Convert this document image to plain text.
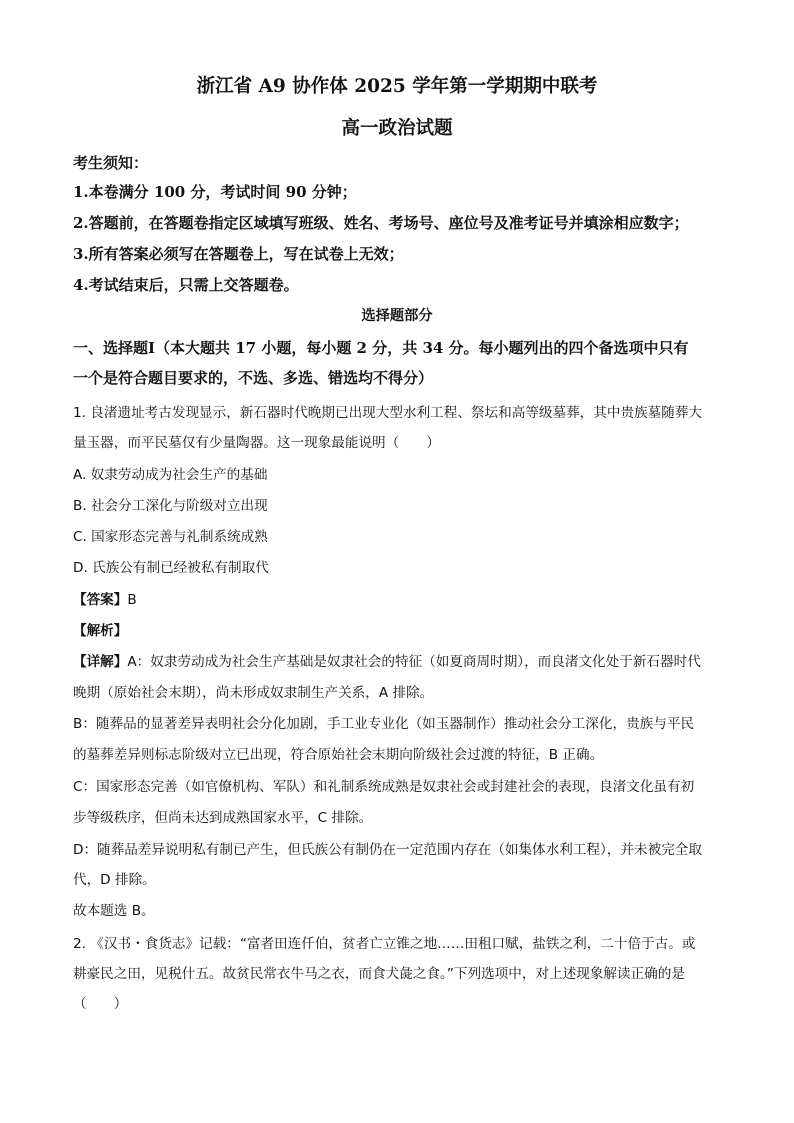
浙江省 A9 协作体 2025 学年第一学期期中联考
高一政治试题
考生须知：
1.本卷满分 100 分，考试时间 90 分钟；
2.答题前，在答题卷指定区域填写班级、姓名、考场号、座位号及准考证号并填涂相应数字；
3.所有答案必须写在答题卷上，写在试卷上无效；
4.考试结束后，只需上交答题卷。
选择题部分
一、选择题Ⅰ（本大题共 17 小题，每小题 2 分，共 34 分。每小题列出的四个备选项中只有
一个是符合题目要求的，不选、多选、错选均不得分）
1. 良渚遗址考古发现显示，新石器时代晚期已出现大型水利工程、祭坛和高等级墓葬，其中贵族墓随葬大
量玉器，而平民墓仅有少量陶器。这一现象最能说明（　　）
A. 奴隶劳动成为社会生产的基础
B. 社会分工深化与阶级对立出现
C. 国家形态完善与礼制系统成熟
D. 氏族公有制已经被私有制取代
【答案】B
【解析】
【详解】A：奴隶劳动成为社会生产基础是奴隶社会的特征（如夏商周时期），而良渚文化处于新石器时代
晚期（原始社会末期），尚未形成奴隶制生产关系，A 排除。
B：随葬品的显著差异表明社会分化加剧，手工业专业化（如玉器制作）推动社会分工深化，贵族与平民
的墓葬差异则标志阶级对立已出现，符合原始社会末期向阶级社会过渡的特征，B 正确。
C：国家形态完善（如官僚机构、军队）和礼制系统成熟是奴隶社会或封建社会的表现，良渚文化虽有初
步等级秩序，但尚未达到成熟国家水平，C 排除。
D：随葬品差异说明私有制已产生，但氏族公有制仍在一定范围内存在（如集体水利工程），并未被完全取
代，D 排除。
故本题选 B。
2. 《汉书・食货志》记载：“富者田连仟伯，贫者亡立锥之地……田租口赋，盐铁之利，二十倍于古。或
耕豪民之田，见税什五。故贫民常衣牛马之衣，而食犬彘之食。”下列选项中，对上述现象解读正确的是
（　　）
